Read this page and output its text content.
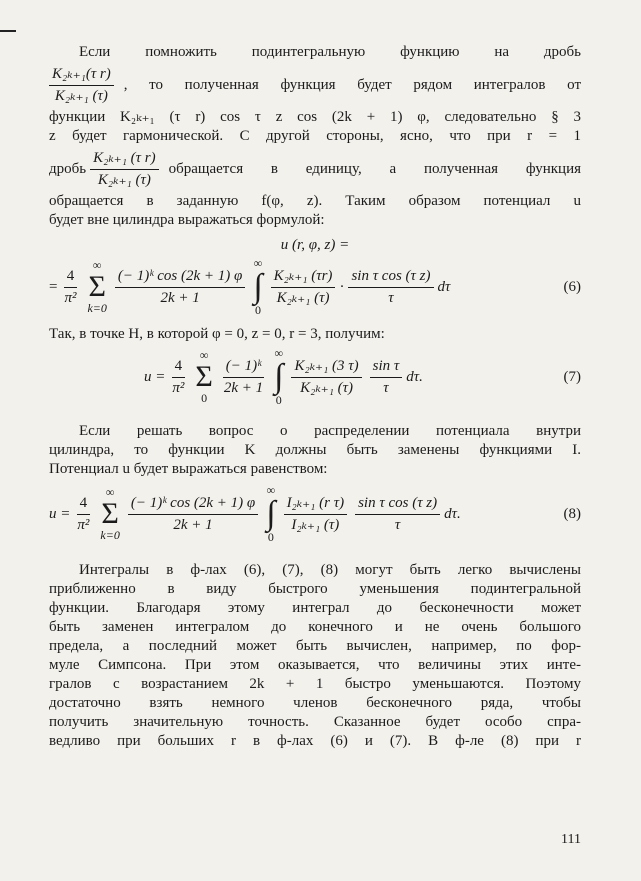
Если помножить подинтегральную функцию на дробь
$\frac{\text{K₂ₖ₊₁(τ r)}}{\text{K₂ₖ₊₁ (τ)}}$ , то полученная функция будет рядом интегралов от
функции K₂ₖ₊₁ (τ r) cos τ z cos (2k + 1) φ, следовательно § 3
z будет гармонической. С другой стороны, ясно, что при r = 1
дробь $\frac{\text{K₂ₖ₊₁ (τ r)}}{\text{K₂ₖ₊₁ (τ)}}$ обращается в единицу, а полученная функция
обращается в заданную f(φ, z). Таким образом потенциал u
будет вне цилиндра выражаться формулой:
u (r, φ, z) =
= $\frac{4}{\text{π²}}$
∞
Σ
k=0
$\frac{\text{(− 1)ᵏ cos (2k + 1) φ}}{2k + 1}$
∞
∫
0
$\frac{\text{K₂ₖ₊₁ (τr)}}{\text{K₂ₖ₊₁ (τ)}} \cdot \frac{\text{sin τ cos (τ z)}}{\tau}$ dτ	(6)
Так, в точке H, в которой φ = 0, z = 0, r = 3, получим:
$u = \frac{4}{\text{π²}}$
∞
Σ
0
$\frac{\text{(− 1)ᵏ}}{2k + 1}$
∞
∫
0
$\frac{\text{K₂ₖ₊₁ (3 τ)}}{\text{K₂ₖ₊₁ (τ)}} \frac{\text{sin τ}}{\tau} d\tau$.	(7)
Если решать вопрос о распределении потенциала внутри
цилиндра, то функции K должны быть заменены функциями I.
Потенциал u будет выражаться равенством:
$u = \frac{4}{\text{π²}}$
∞
Σ
k=0
$\frac{\text{(− 1)ᵏ cos (2k + 1) φ}}{2k + 1}$
∞
∫
0
$\frac{\text{I₂ₖ₊₁ (r τ)}}{\text{I₂ₖ₊₁ (τ)}} \frac{\text{sin τ cos (τ z)}}{\tau} d\tau$.	(8)
Интегралы в ф-лах (6), (7), (8) могут быть легко вычислены
приближенно в виду быстрого уменьшения подинтегральной
функции. Благодаря этому интеграл до бесконечности может
быть заменен интегралом до конечного и не очень большого
предела, а последний может быть вычислен, например, по фор-
муле Симпсона. При этом оказывается, что величины этих инте-
гралов с возрастанием 2k + 1 быстро уменьшаются. Поэтому
достаточно взять немного членов бесконечного ряда, чтобы
получить значительную точность. Сказанное будет особо спра-
ведливо при больших r в ф-лах (6) и (7). В ф-ле (8) при r
111
